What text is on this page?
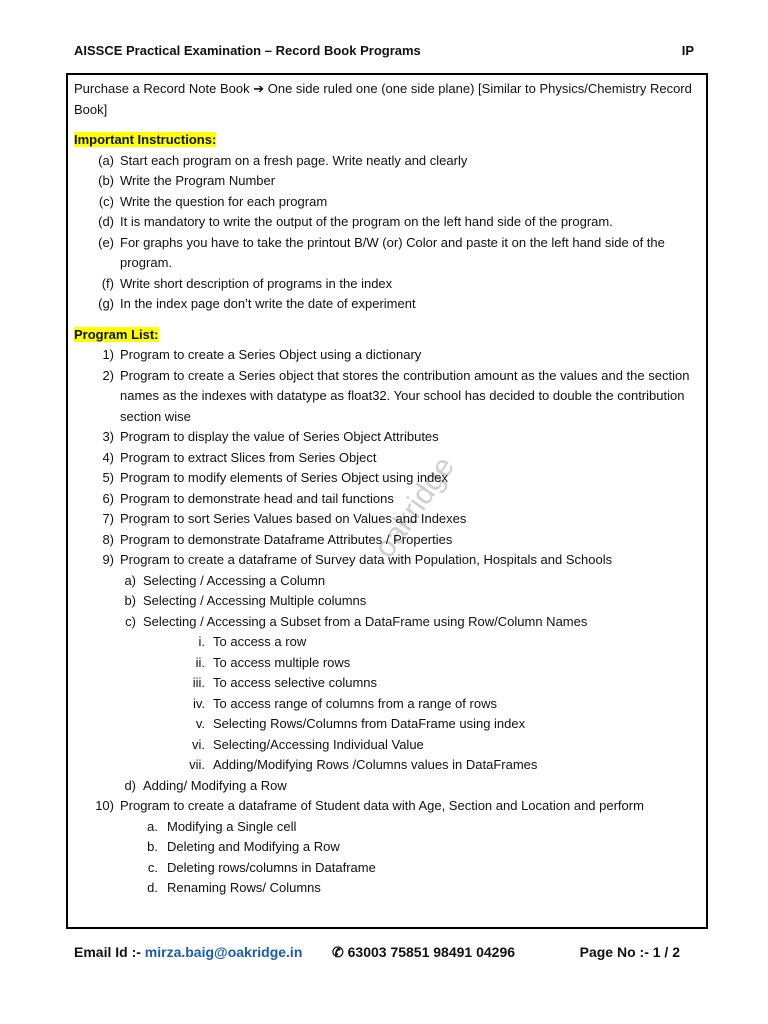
AISSCE Practical Examination – Record Book Programs	IP
oakridge

Purchase a Record Note Book ➔ One side ruled one (one side plane) [Similar to Physics/Chemistry Record Book]

Important Instructions:

(a) Start each program on a fresh page. Write neatly and clearly
(b) Write the Program Number
(c) Write the question for each program
(d) It is mandatory to write the output of the program on the left hand side of the program.
(e) For graphs you have to take the printout B/W (or) Color and paste it on the left hand side of the program.
(f) Write short description of programs in the index
(g) In the index page don’t write the date of experiment

Program List:

1) Program to create a Series Object using a dictionary
2) Program to create a Series object that stores the contribution amount as the values and the section names as the indexes with datatype as float32. Your school has decided to double the contribution section wise
3) Program to display the value of Series Object Attributes
4) Program to extract Slices from Series Object
5) Program to modify elements of Series Object using index
6) Program to demonstrate head and tail functions
7) Program to sort Series Values based on Values and Indexes
8) Program to demonstrate Dataframe Attributes / Properties
9) Program to create a dataframe of Survey data with Population, Hospitals and Schools
a) Selecting / Accessing a Column
b) Selecting / Accessing Multiple columns
c) Selecting / Accessing a Subset from a DataFrame using Row/Column Names
i. To access a row
ii. To access multiple rows
iii. To access selective columns
iv. To access range of columns from a range of rows
v. Selecting Rows/Columns from DataFrame using index
vi. Selecting/Accessing Individual Value
vii. Adding/Modifying Rows /Columns values in DataFrames
d) Adding/ Modifying a Row
10) Program to create a dataframe of Student data with Age, Section and Location and perform
a. Modifying a Single cell
b. Deleting and Modifying a Row
c. Deleting rows/columns in Dataframe
d. Renaming Rows/ Columns
Email Id :- mirza.baig@oakridge.in ✆ 63003 75851 98491 04296	Page No :- 1 / 2
